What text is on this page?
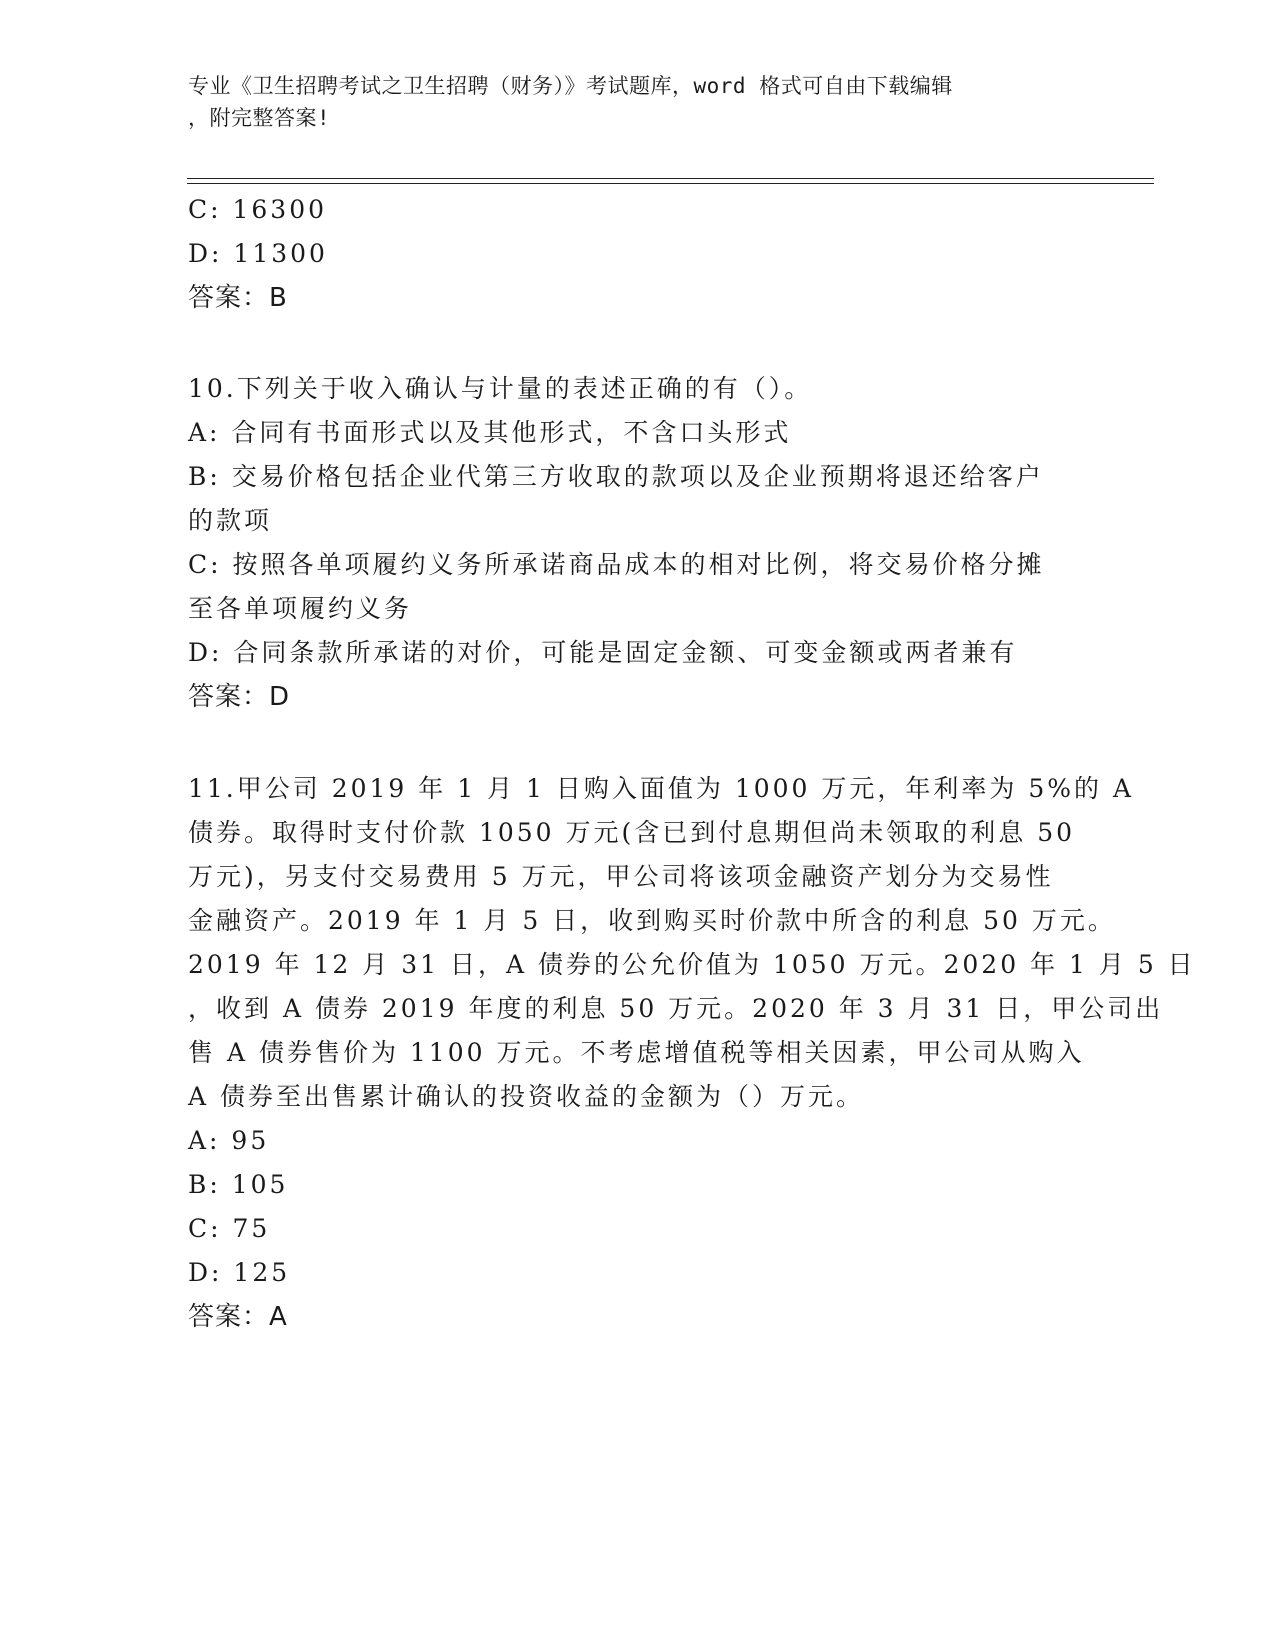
专业《卫生招聘考试之卫生招聘（财务）》考试题库，word 格式可自由下载编辑
，附完整答案!
C: 16300
D: 11300
答案：B
10.下列关于收入确认与计量的表述正确的有（）。
A: 合同有书面形式以及其他形式，不含口头形式
B: 交易价格包括企业代第三方收取的款项以及企业预期将退还给客户
的款项
C: 按照各单项履约义务所承诺商品成本的相对比例，将交易价格分摊
至各单项履约义务
D: 合同条款所承诺的对价，可能是固定金额、可变金额或两者兼有
答案：D
11.甲公司 2019 年 1 月 1 日购入面值为 1000 万元，年利率为 5%的 A
债券。取得时支付价款 1050 万元(含已到付息期但尚未领取的利息 50
万元)，另支付交易费用 5 万元，甲公司将该项金融资产划分为交易性
金融资产。2019 年 1 月 5 日，收到购买时价款中所含的利息 50 万元。
2019 年 12 月 31 日，A 债券的公允价值为 1050 万元。2020 年 1 月 5 日
，收到 A 债券 2019 年度的利息 50 万元。2020 年 3 月 31 日，甲公司出
售 A 债券售价为 1100 万元。不考虑增值税等相关因素，甲公司从购入
A 债券至出售累计确认的投资收益的金额为（）万元。
A: 95
B: 105
C: 75
D: 125
答案：A
